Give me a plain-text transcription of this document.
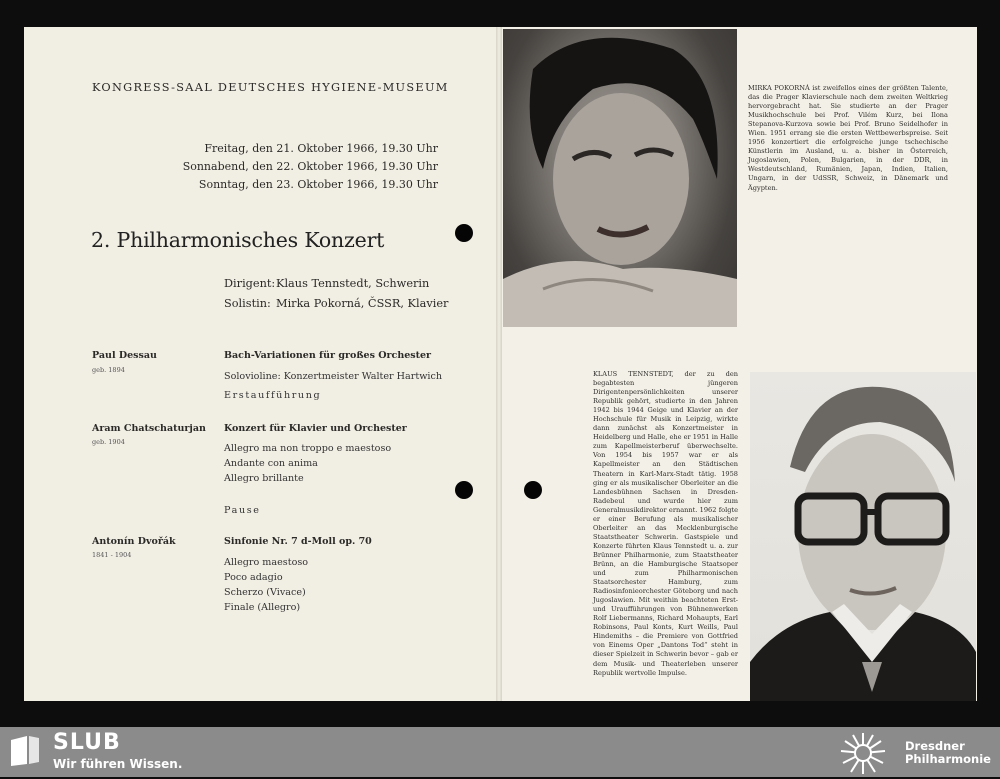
KONGRESS-SAAL DEUTSCHES HYGIENE-MUSEUM
Freitag, den 21. Oktober 1966, 19.30 Uhr
Sonnabend, den 22. Oktober 1966, 19.30 Uhr
Sonntag, den 23. Oktober 1966, 19.30 Uhr
2. Philharmonisches Konzert
Dirigent:
Solistin:
Klaus Tennstedt, Schwerin
Mirka Pokorná, ČSSR, Klavier
Paul Dessau
geb. 1894
Bach-Variationen für großes Orchester
Solovioline: Konzertmeister Walter Hartwich
Erstaufführung
Aram Chatschaturjan
geb. 1904
Konzert für Klavier und Orchester
Allegro ma non troppo e maestoso
Andante con anima
Allegro brillante
Pause
Antonín Dvořák
1841 - 1904
Sinfonie Nr. 7 d-Moll op. 70
Allegro maestoso
Poco adagio
Scherzo (Vivace)
Finale (Allegro)
MIRKA POKORNÁ ist zweifellos eines der größten Talente, das die Prager Klavierschule nach dem zweiten Weltkrieg hervorgebracht hat. Sie studierte an der Prager Musikhochschule bei Prof. Vilém Kurz, bei Ilona Stepanova-Kurzova sowie bei Prof. Bruno Seidelhofer in Wien. 1951 errang sie die ersten Wettbewerbspreise. Seit 1956 konzertiert die erfolgreiche junge tschechische Künstlerin im Ausland, u. a. bisher in Österreich, Jugoslawien, Polen, Bulgarien, in der DDR, in Westdeutschland, Rumänien, Japan, Indien, Italien, Ungarn, in der UdSSR, Schweiz, in Dänemark und Ägypten.
KLAUS TENNSTEDT, der zu den begabtesten jüngeren Dirigentenpersönlichkeiten unserer Republik gehört, studierte in den Jahren 1942 bis 1944 Geige und Klavier an der Hochschule für Musik in Leipzig, wirkte dann zunächst als Konzertmeister in Heidelberg und Halle, ehe er 1951 in Halle zum Kapellmeisterberuf überwechselte. Von 1954 bis 1957 war er als Kapellmeister an den Städtischen Theatern in Karl-Marx-Stadt tätig. 1958 ging er als musikalischer Oberleiter an die Landesbühnen Sachsen in Dresden-Radebeul und wurde hier zum Generalmusikdirektor ernannt. 1962 folgte er einer Berufung als musikalischer Oberleiter an das Mecklenburgische Staatstheater Schwerin. Gastspiele und Konzerte führten Klaus Tennstedt u. a. zur Brünner Philharmonie, zum Staatstheater Brünn, an die Hamburgische Staatsoper und zum Philharmonischen Staatsorchester Hamburg, zum Radiosinfonieorchester Göteborg und nach Jugoslawien. Mit weithin beachteten Erst- und Uraufführungen von Bühnenwerken Rolf Liebermanns, Richard Mohaupts, Earl Robinsons, Paul Konts, Kurt Weills, Paul Hindemiths – die Premiere von Gottfried von Einems Oper „Dantons Tod“ steht in dieser Spielzeit in Schwerin bevor – gab er dem Musik- und Theaterleben unserer Republik wertvolle Impulse.
SLUB
Wir führen Wissen.
Dresdner
Philharmonie
